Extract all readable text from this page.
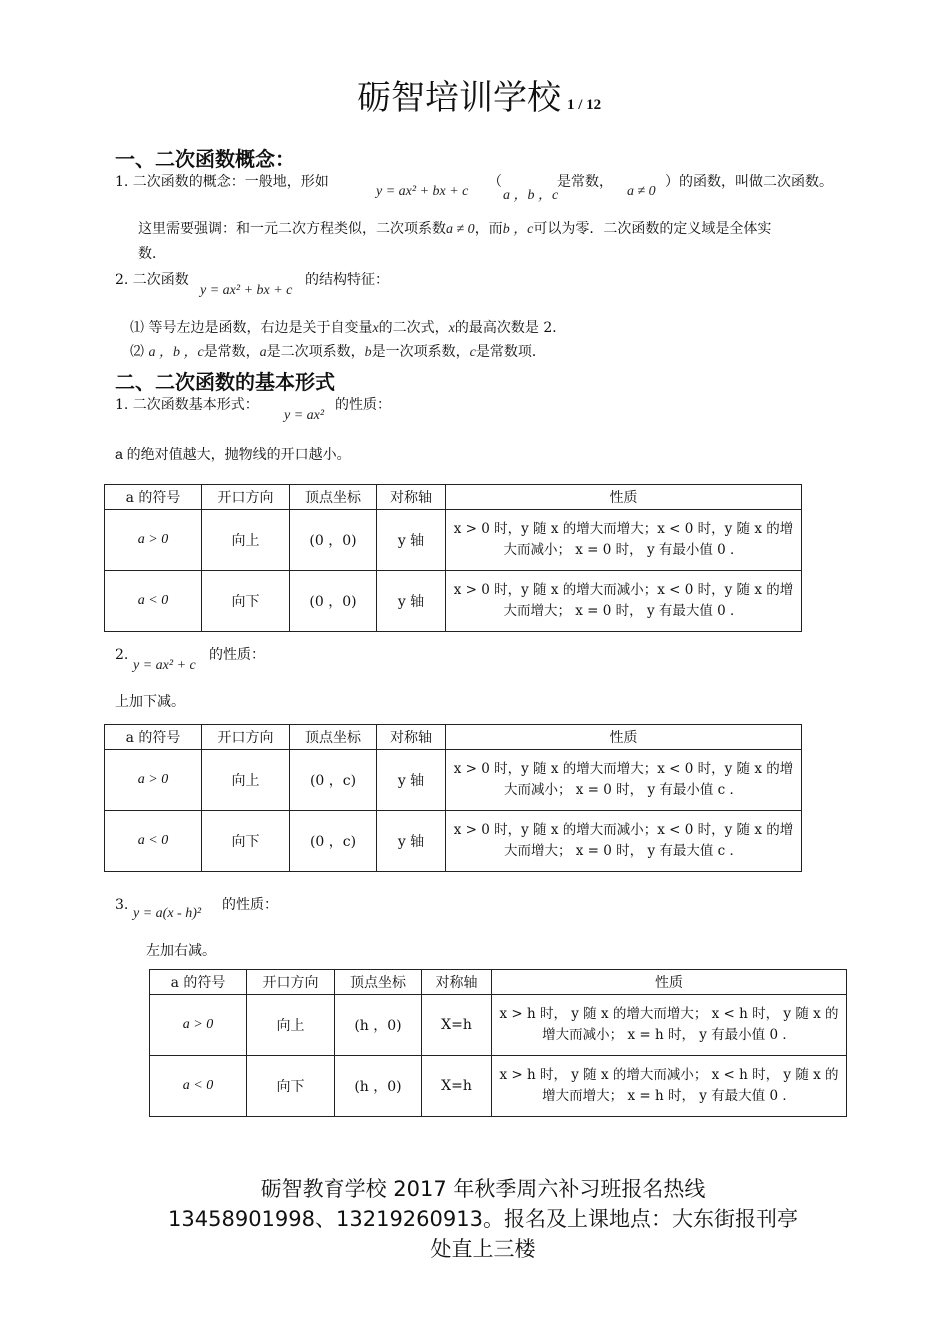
砺智培训学校 1 / 12
一、二次函数概念：
1. 二次函数的概念：一般地，形如
y = ax² + bx + c
（
a ，b ，c
是常数，
a ≠ 0
）的函数，叫做二次函数。
这里需要强调：和一元二次方程类似，二次项系数a ≠ 0，而b ，c可以为零．二次函数的定义域是全体实
数．
2. 二次函数
y = ax² + bx + c
的结构特征：
⑴ 等号左边是函数，右边是关于自变量x的二次式，x的最高次数是 2．
⑵ a ，b ，c是常数，a是二次项系数，b是一次项系数，c是常数项．
二、二次函数的基本形式
1. 二次函数基本形式：
y = ax²
的性质：
a 的绝对值越大，抛物线的开口越小。
a 的符号	开口方向	顶点坐标	对称轴	性质
a > 0	向上	(0 ，0)	y 轴	x > 0 时，y 随 x 的增大而增大；x < 0 时，y 随 x 的增大而减小； x = 0 时， y 有最小值 0 ．
a < 0	向下	(0 ，0)	y 轴	x > 0 时，y 随 x 的增大而减小；x < 0 时，y 随 x 的增大而增大； x = 0 时， y 有最大值 0 ．
2.
y = ax² + c
的性质：
上加下减。
a 的符号	开口方向	顶点坐标	对称轴	性质
a > 0	向上	(0 ，c)	y 轴	x > 0 时，y 随 x 的增大而增大；x < 0 时，y 随 x 的增大而减小； x = 0 时， y 有最小值 c ．
a < 0	向下	(0 ，c)	y 轴	x > 0 时，y 随 x 的增大而减小；x < 0 时，y 随 x 的增大而增大； x = 0 时， y 有最大值 c ．
3.
y = a(x - h)²
的性质：
左加右减。
a 的符号	开口方向	顶点坐标	对称轴	性质
a > 0	向上	(h ，0)	X=h	x > h 时， y 随 x 的增大而增大； x < h 时， y 随 x 的增大而减小； x = h 时， y 有最小值 0 ．
a < 0	向下	(h ，0)	X=h	x > h 时， y 随 x 的增大而减小； x < h 时， y 随 x 的增大而增大； x = h 时， y 有最大值 0 ．
砺智教育学校 2017 年秋季周六补习班报名热线
13458901998、13219260913。报名及上课地点：大东街报刊亭
处直上三楼
